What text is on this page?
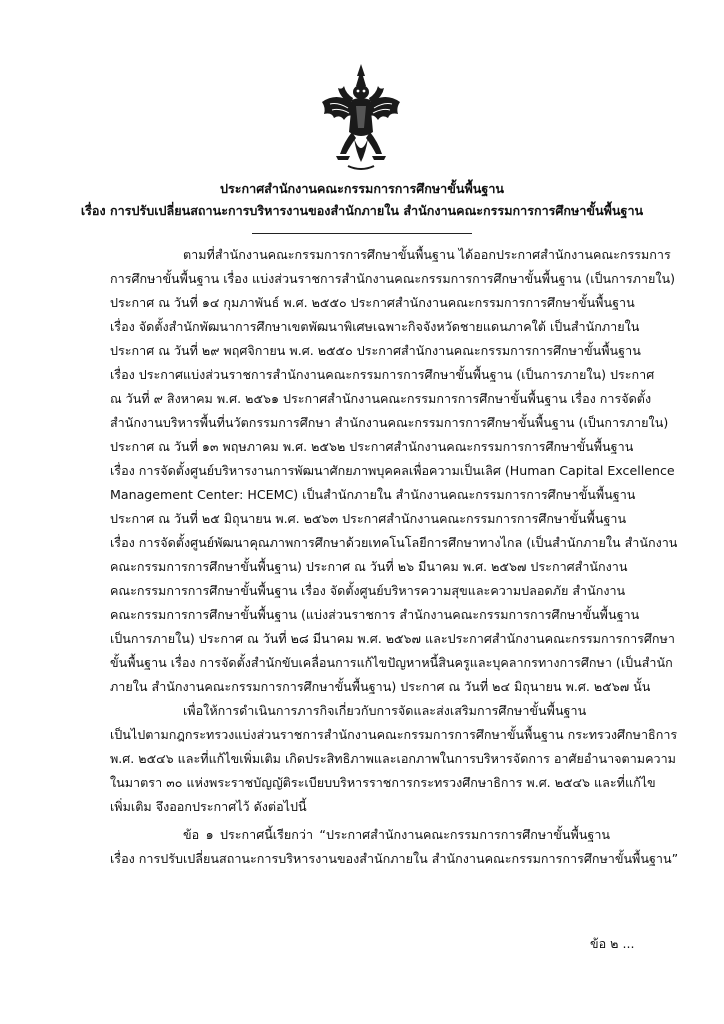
ประกาศสำนักงานคณะกรรมการการศึกษาขั้นพื้นฐาน
เรื่อง การปรับเปลี่ยนสถานะการบริหารงานของสำนักภายใน สำนักงานคณะกรรมการการศึกษาขั้นพื้นฐาน
ตามที่สำนักงานคณะกรรมการการศึกษาขั้นพื้นฐาน ได้ออกประกาศสำนักงานคณะกรรมการ
การศึกษาขั้นพื้นฐาน เรื่อง แบ่งส่วนราชการสำนักงานคณะกรรมการการศึกษาขั้นพื้นฐาน (เป็นการภายใน)
ประกาศ ณ วันที่ ๑๔ กุมภาพันธ์ พ.ศ. ๒๕๕๐ ประกาศสำนักงานคณะกรรมการการศึกษาขั้นพื้นฐาน
เรื่อง จัดตั้งสำนักพัฒนาการศึกษาเขตพัฒนาพิเศษเฉพาะกิจจังหวัดชายแดนภาคใต้ เป็นสำนักภายใน
ประกาศ ณ วันที่ ๒๙ พฤศจิกายน พ.ศ. ๒๕๕๐ ประกาศสำนักงานคณะกรรมการการศึกษาขั้นพื้นฐาน
เรื่อง ประกาศแบ่งส่วนราชการสำนักงานคณะกรรมการการศึกษาขั้นพื้นฐาน (เป็นการภายใน) ประกาศ
ณ วันที่ ๙ สิงหาคม พ.ศ. ๒๕๖๑ ประกาศสำนักงานคณะกรรมการการศึกษาขั้นพื้นฐาน เรื่อง การจัดตั้ง
สำนักงานบริหารพื้นที่นวัตกรรมการศึกษา สำนักงานคณะกรรมการการศึกษาขั้นพื้นฐาน (เป็นการภายใน)
ประกาศ ณ วันที่ ๑๓ พฤษภาคม พ.ศ. ๒๕๖๒ ประกาศสำนักงานคณะกรรมการการศึกษาขั้นพื้นฐาน
เรื่อง การจัดตั้งศูนย์บริหารงานการพัฒนาศักยภาพบุคคลเพื่อความเป็นเลิศ (Human Capital Excellence
Management Center: HCEMC) เป็นสำนักภายใน สำนักงานคณะกรรมการการศึกษาขั้นพื้นฐาน
ประกาศ ณ วันที่ ๒๕ มิถุนายน พ.ศ. ๒๕๖๓ ประกาศสำนักงานคณะกรรมการการศึกษาขั้นพื้นฐาน
เรื่อง การจัดตั้งศูนย์พัฒนาคุณภาพการศึกษาด้วยเทคโนโลยีการศึกษาทางไกล (เป็นสำนักภายใน สำนักงาน
คณะกรรมการการศึกษาขั้นพื้นฐาน) ประกาศ ณ วันที่ ๒๖ มีนาคม พ.ศ. ๒๕๖๗ ประกาศสำนักงาน
คณะกรรมการการศึกษาขั้นพื้นฐาน เรื่อง จัดตั้งศูนย์บริหารความสุขและความปลอดภัย สำนักงาน
คณะกรรมการการศึกษาขั้นพื้นฐาน (แบ่งส่วนราชการ สำนักงานคณะกรรมการการศึกษาขั้นพื้นฐาน
เป็นการภายใน) ประกาศ ณ วันที่ ๒๘ มีนาคม พ.ศ. ๒๕๖๗ และประกาศสำนักงานคณะกรรมการการศึกษา
ขั้นพื้นฐาน เรื่อง การจัดตั้งสำนักขับเคลื่อนการแก้ไขปัญหาหนี้สินครูและบุคลากรทางการศึกษา (เป็นสำนัก
ภายใน สำนักงานคณะกรรมการการศึกษาขั้นพื้นฐาน) ประกาศ ณ วันที่ ๒๔ มิถุนายน พ.ศ. ๒๕๖๗ นั้น
เพื่อให้การดำเนินการภารกิจเกี่ยวกับการจัดและส่งเสริมการศึกษาขั้นพื้นฐาน
เป็นไปตามกฎกระทรวงแบ่งส่วนราชการสำนักงานคณะกรรมการการศึกษาขั้นพื้นฐาน กระทรวงศึกษาธิการ
พ.ศ. ๒๕๔๖ และที่แก้ไขเพิ่มเติม เกิดประสิทธิภาพและเอกภาพในการบริหารจัดการ อาศัยอำนาจตามความ
ในมาตรา ๓๐ แห่งพระราชบัญญัติระเบียบบริหารราชการกระทรวงศึกษาธิการ พ.ศ. ๒๕๔๖ และที่แก้ไข
เพิ่มเติม จึงออกประกาศไว้ ดังต่อไปนี้
ข้อ ๑ ประกาศนี้เรียกว่า “ประกาศสำนักงานคณะกรรมการการศึกษาขั้นพื้นฐาน
เรื่อง การปรับเปลี่ยนสถานะการบริหารงานของสำนักภายใน สำนักงานคณะกรรมการการศึกษาขั้นพื้นฐาน”
ข้อ ๒ ...
